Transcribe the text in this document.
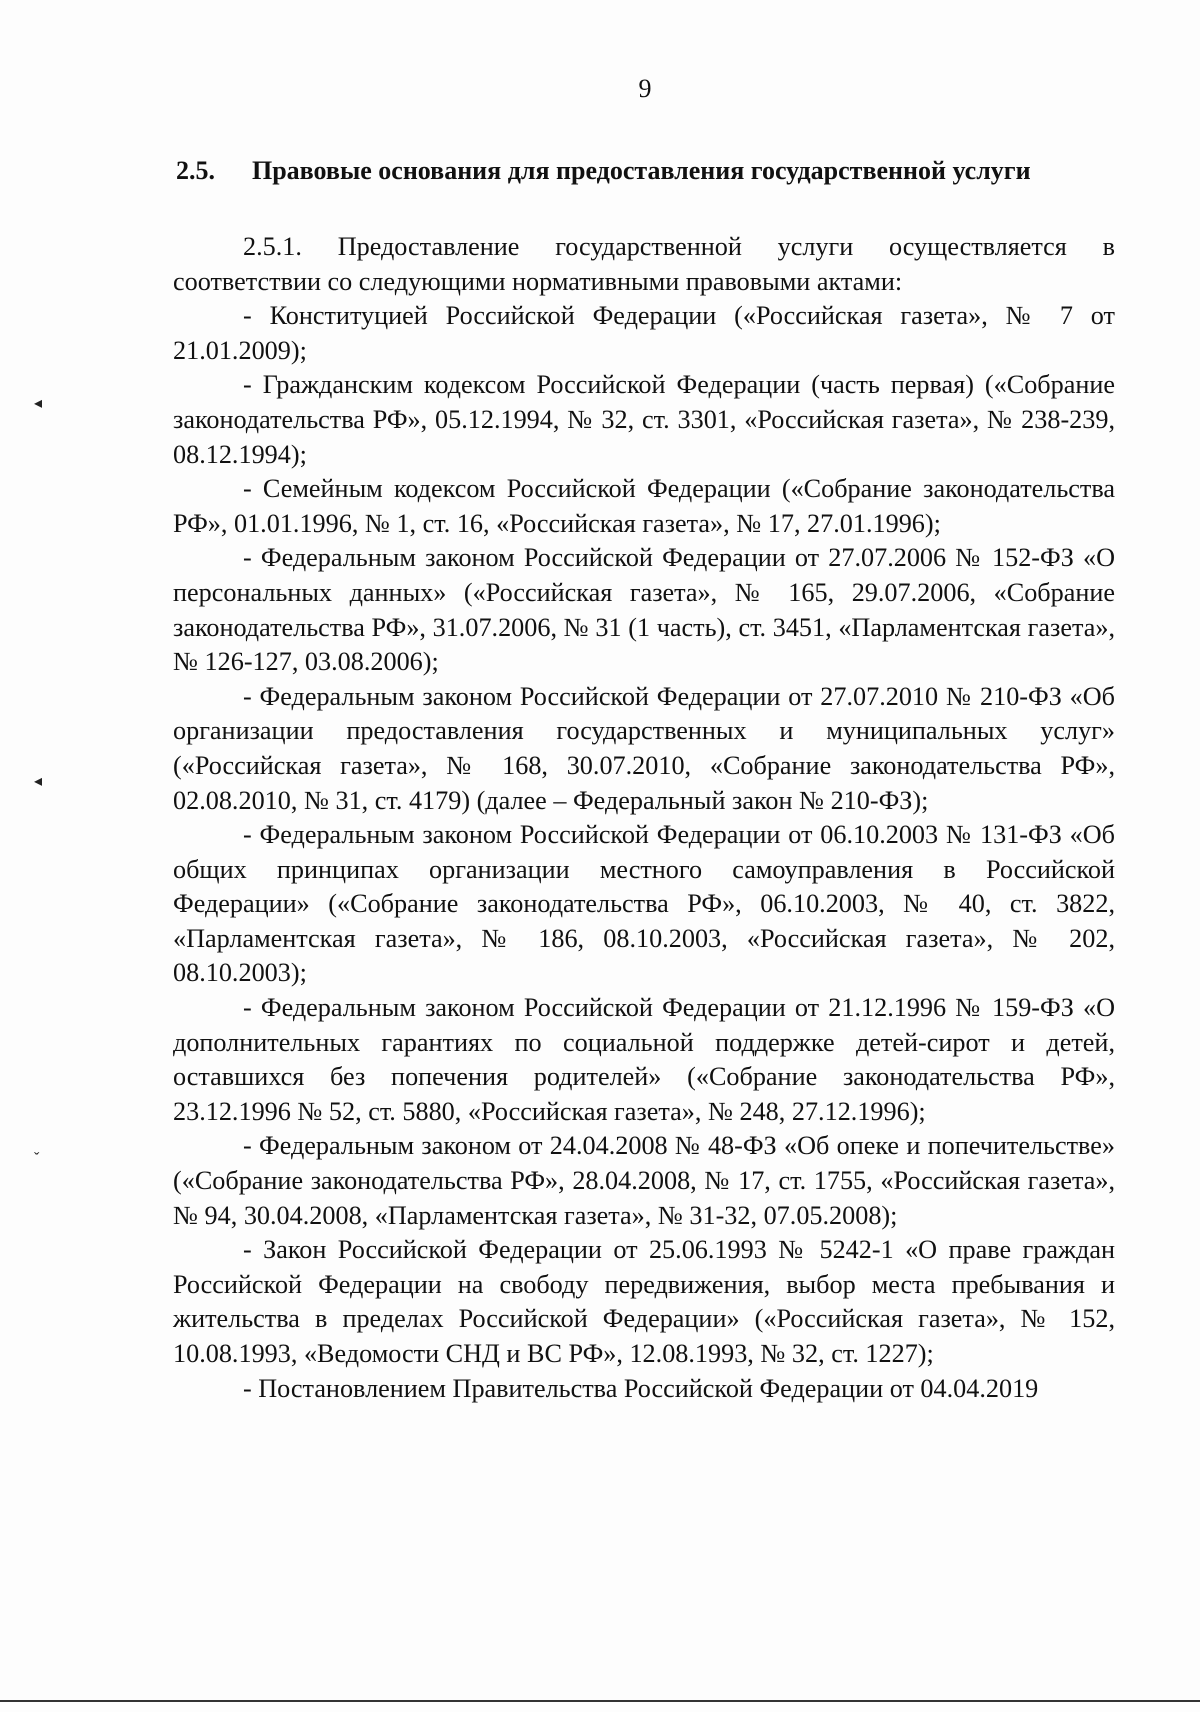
9
2.5. Правовые основания для предоставления государственной услуги

2.5.1. Предоставление государственной услуги осуществляется в соответствии со следующими нормативными правовыми актами:

- Конституцией Российской Федерации («Российская газета», № 7 от 21.01.2009);

- Гражданским кодексом Российской Федерации (часть первая) («Собрание законодательства РФ», 05.12.1994, № 32, ст. 3301, «Российская газета», № 238-239, 08.12.1994);

- Семейным кодексом Российской Федерации («Собрание законодательства РФ», 01.01.1996, № 1, ст. 16, «Российская газета», № 17, 27.01.1996);

- Федеральным законом Российской Федерации от 27.07.2006 № 152-ФЗ «О персональных данных» («Российская газета», № 165, 29.07.2006, «Собрание законодательства РФ», 31.07.2006, № 31 (1 часть), ст. 3451, «Парламентская газета», № 126-127, 03.08.2006);

- Федеральным законом Российской Федерации от 27.07.2010 № 210-ФЗ «Об организации предоставления государственных и муниципальных услуг» («Российская газета», № 168, 30.07.2010, «Собрание законодательства РФ», 02.08.2010, № 31, ст. 4179) (далее – Федеральный закон № 210-ФЗ);

- Федеральным законом Российской Федерации от 06.10.2003 № 131-ФЗ «Об общих принципах организации местного самоуправления в Российской Федерации» («Собрание законодательства РФ», 06.10.2003, № 40, ст. 3822, «Парламентская газета», № 186, 08.10.2003, «Российская газета», № 202, 08.10.2003);

- Федеральным законом Российской Федерации от 21.12.1996 № 159-ФЗ «О дополнительных гарантиях по социальной поддержке детей-сирот и детей, оставшихся без попечения родителей» («Собрание законодательства РФ», 23.12.1996 № 52, ст. 5880, «Российская газета», № 248, 27.12.1996);

- Федеральным законом от 24.04.2008 № 48-ФЗ «Об опеке и попечительстве» («Собрание законодательства РФ», 28.04.2008, № 17, ст. 1755, «Российская газета», № 94, 30.04.2008, «Парламентская газета», № 31-32, 07.05.2008);

- Закон Российской Федерации от 25.06.1993 № 5242-1 «О праве граждан Российской Федерации на свободу передвижения, выбор места пребывания и жительства в пределах Российской Федерации» («Российская газета», № 152, 10.08.1993, «Ведомости СНД и ВС РФ», 12.08.1993, № 32, ст. 1227);

- Постановлением Правительства Российской Федерации от 04.04.2019

◂
◂
ˇ
